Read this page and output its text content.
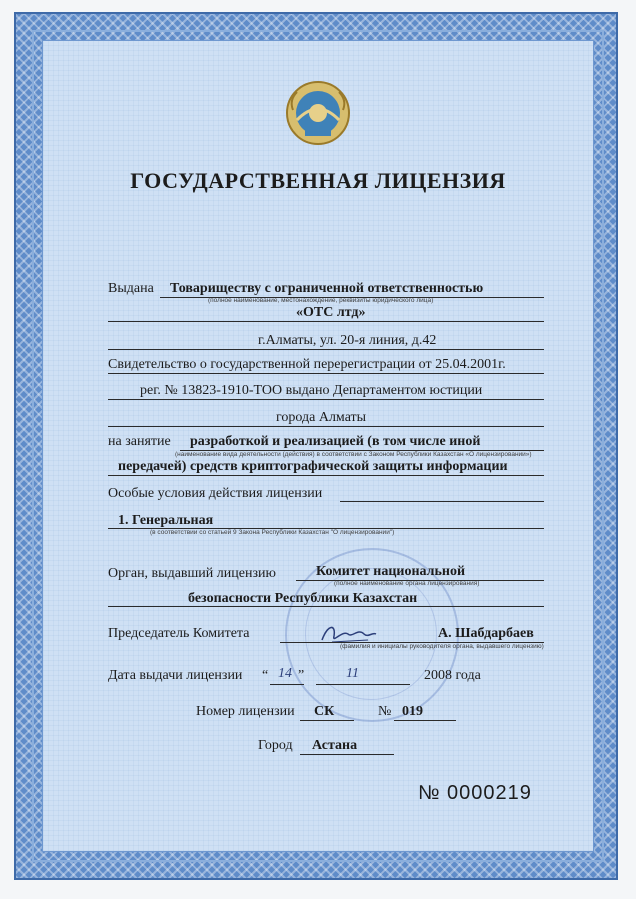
ГОСУДАРСТВЕННАЯ ЛИЦЕНЗИЯ
Выдана Товариществу с ограниченной ответственностью
(полное наименование, местонахождение, реквизиты юридического лица)
«ОТС лтд»
г.Алматы, ул. 20-я линия, д.42
Свидетельство о государственной перерегистрации от 25.04.2001г.
рег. № 13823-1910-ТОО выдано Департаментом юстиции
города Алматы
на занятие разработкой и реализацией (в том числе иной
(наименование вида деятельности (действия) в соответствии с Законом Республики Казахстан «О лицензировании»)
передачей) средств криптографической защиты информации
Особые условия действия лицензии
1. Генеральная
(в соответствии со статьей 9 Закона Республики Казахстан "О лицензировании")
Орган, выдавший лицензию	Комитет национальной
(полное наименование органа лицензирования)
безопасности Республики Казахстан
Председатель Комитета	А. Шабдарбаев
(фамилия и инициалы руководителя органа, выдавшего лицензию)
Дата выдачи лицензии “ 14 ”	11	2008 года
Номер лицензии СК	№ 019
Город Астана
№ 0000219
